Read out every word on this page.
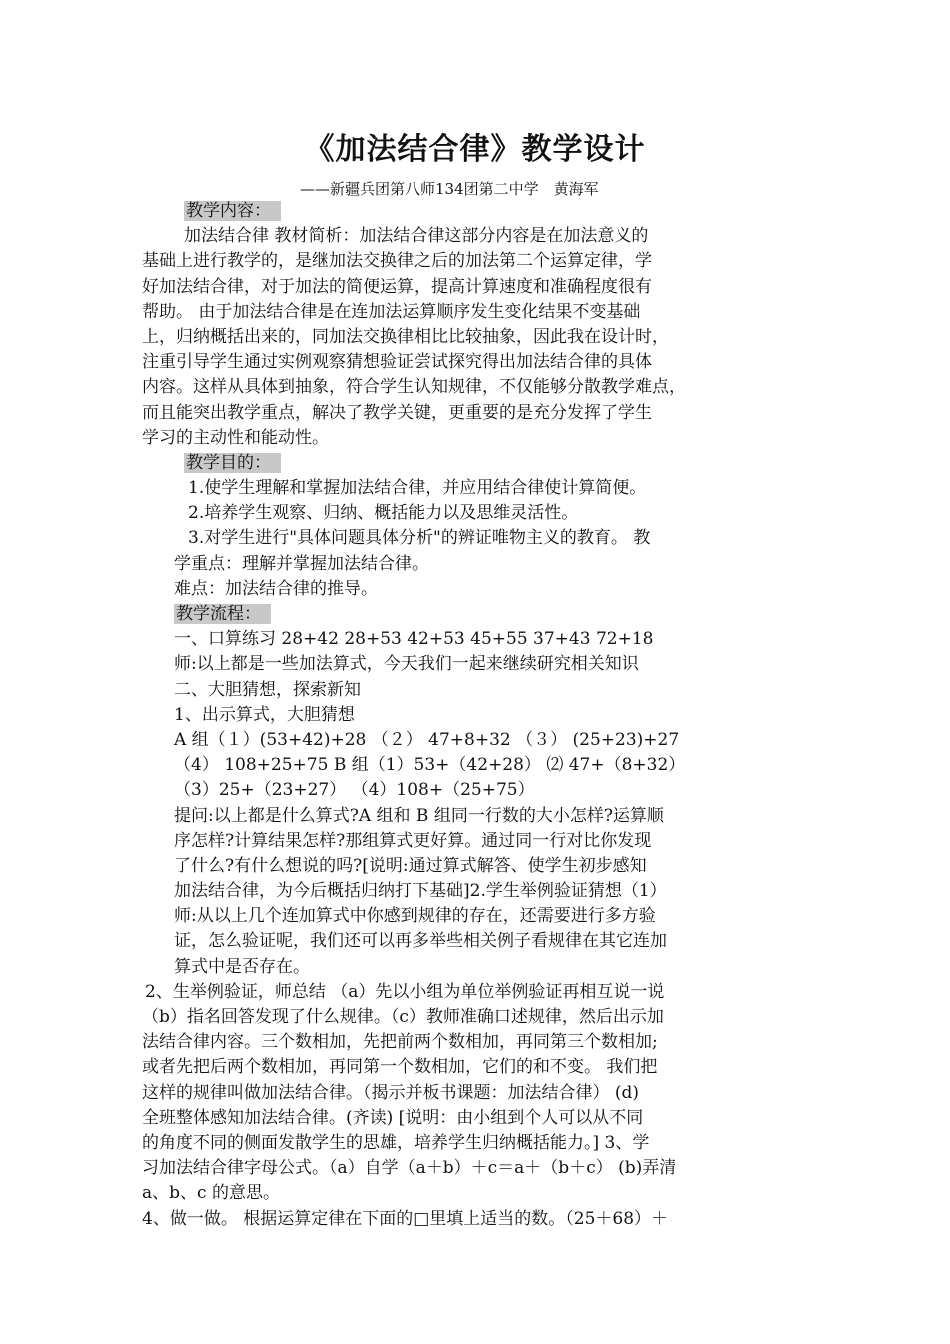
《加法结合律》教学设计
——新疆兵团第八师134团第二中学　黄海军
教学内容：
加法结合律 教材简析：加法结合律这部分内容是在加法意义的
基础上进行教学的，是继加法交换律之后的加法第二个运算定律，学
好加法结合律，对于加法的简便运算，提高计算速度和准确程度很有
帮助。 由于加法结合律是在连加法运算顺序发生变化结果不变基础
上，归纳概括出来的，同加法交换律相比比较抽象，因此我在设计时，
注重引导学生通过实例观察猜想验证尝试探究得出加法结合律的具体
内容。这样从具体到抽象，符合学生认知规律，不仅能够分散教学难点，
而且能突出教学重点，解决了教学关键，更重要的是充分发挥了学生
学习的主动性和能动性。
教学目的：
1.使学生理解和掌握加法结合律，并应用结合律使计算简便。
2.培养学生观察、归纳、概括能力以及思维灵活性。
3.对学生进行"具体问题具体分析"的辨证唯物主义的教育。 教
学重点：理解并掌握加法结合律。
难点：加法结合律的推导。
教学流程：
一、口算练习 28+42 28+53 42+53 45+55 37+43 72+18
师:以上都是一些加法算式，今天我们一起来继续研究相关知识
二、大胆猜想，探索新知
1、出示算式，大胆猜想
A 组（１）(53+42)+28 （２） 47+8+32 （３） (25+23)+27
（4） 108+25+75 B 组（1）53+（42+28） ⑵ 47+（8+32）
（3）25+（23+27） （4）108+（25+75）
提问:以上都是什么算式?A 组和 B 组同一行数的大小怎样?运算顺
序怎样?计算结果怎样?那组算式更好算。通过同一行对比你发现
了什么?有什么想说的吗?[说明:通过算式解答、使学生初步感知
加法结合律，为今后概括归纳打下基础]2.学生举例验证猜想（1）
师:从以上几个连加算式中你感到规律的存在，还需要进行多方验
证，怎么验证呢，我们还可以再多举些相关例子看规律在其它连加
算式中是否存在。
2、生举例验证，师总结 （a）先以小组为单位举例验证再相互说一说
（b）指名回答发现了什么规律。（c）教师准确口述规律，然后出示加
法结合律内容。三个数相加，先把前两个数相加，再同第三个数相加;
或者先把后两个数相加，再同第一个数相加，它们的和不变。 我们把
这样的规律叫做加法结合律。（揭示并板书课题：加法结合律） (d)
全班整体感知加法结合律。(齐读) [说明：由小组到个人可以从不同
的角度不同的侧面发散学生的思雄，培养学生归纳概括能力。] 3、学
习加法结合律字母公式。（a）自学（a＋b）＋c＝a＋（b＋c） (b)弄清
a、b、c 的意思。
4、做一做。 根据运算定律在下面的□里填上适当的数。（25＋68）＋
